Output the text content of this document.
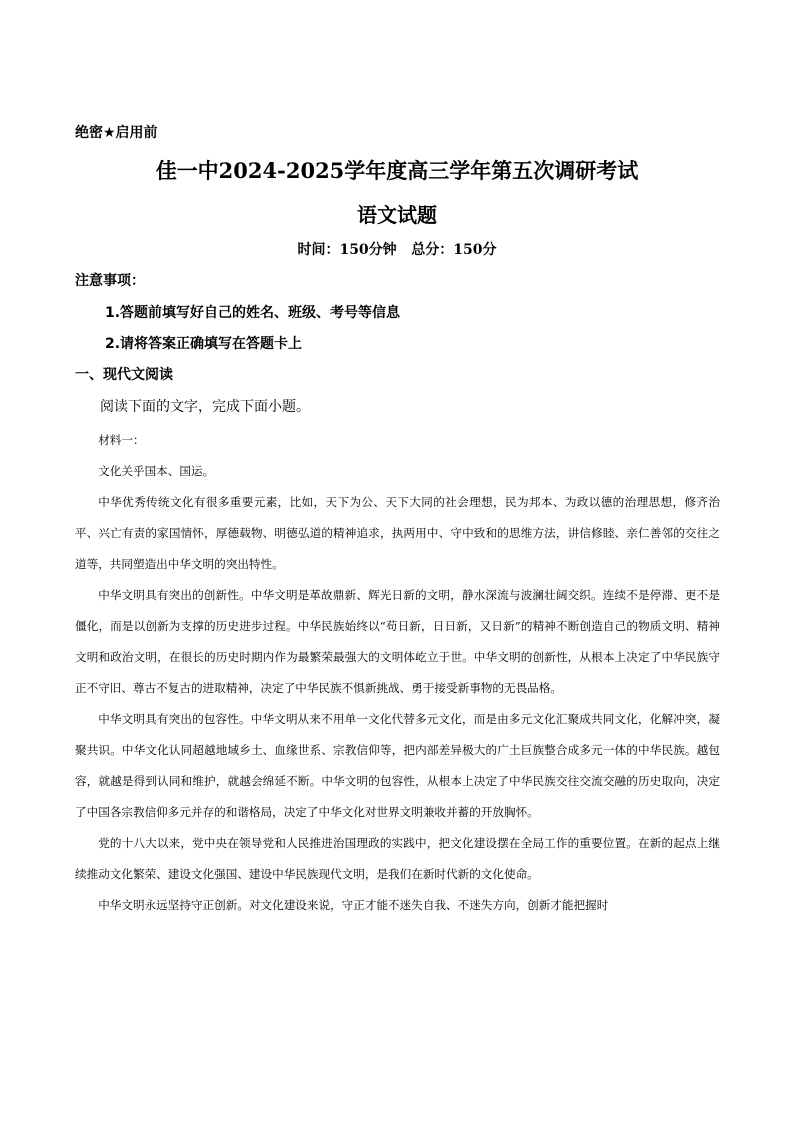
绝密★启用前
佳一中2024-2025学年度高三学年第五次调研考试
语文试题
时间：150分钟   总分：150分
注意事项：
1.答题前填写好自己的姓名、班级、考号等信息
2.请将答案正确填写在答题卡上
一、现代文阅读
阅读下面的文字，完成下面小题。

材料一：

文化关乎国本、国运。

中华优秀传统文化有很多重要元素，比如，天下为公、天下大同的社会理想，民为邦本、为政以德的治理思想，修齐治平、兴亡有责的家国情怀，厚德载物、明德弘道的精神追求，执两用中、守中致和的思维方法，讲信修睦、亲仁善邻的交往之道等，共同塑造出中华文明的突出特性。

中华文明具有突出的创新性。中华文明是革故鼎新、辉光日新的文明，静水深流与波澜壮阔交织。连续不是停滞、更不是僵化，而是以创新为支撑的历史进步过程。中华民族始终以“苟日新，日日新，又日新”的精神不断创造自己的物质文明、精神文明和政治文明，在很长的历史时期内作为最繁荣最强大的文明体屹立于世。中华文明的创新性，从根本上决定了中华民族守正不守旧、尊古不复古的进取精神，决定了中华民族不惧新挑战、勇于接受新事物的无畏品格。

中华文明具有突出的包容性。中华文明从来不用单一文化代替多元文化，而是由多元文化汇聚成共同文化，化解冲突，凝聚共识。中华文化认同超越地域乡土、血缘世系、宗教信仰等，把内部差异极大的广土巨族整合成多元一体的中华民族。越包容，就越是得到认同和维护，就越会绵延不断。中华文明的包容性，从根本上决定了中华民族交往交流交融的历史取向，决定了中国各宗教信仰多元并存的和谐格局，决定了中华文化对世界文明兼收并蓄的开放胸怀。

党的十八大以来，党中央在领导党和人民推进治国理政的实践中，把文化建设摆在全局工作的重要位置。在新的起点上继续推动文化繁荣、建设文化强国、建设中华民族现代文明，是我们在新时代新的文化使命。

中华文明永远坚持守正创新。对文化建设来说，守正才能不迷失自我、不迷失方向，创新才能把握时
